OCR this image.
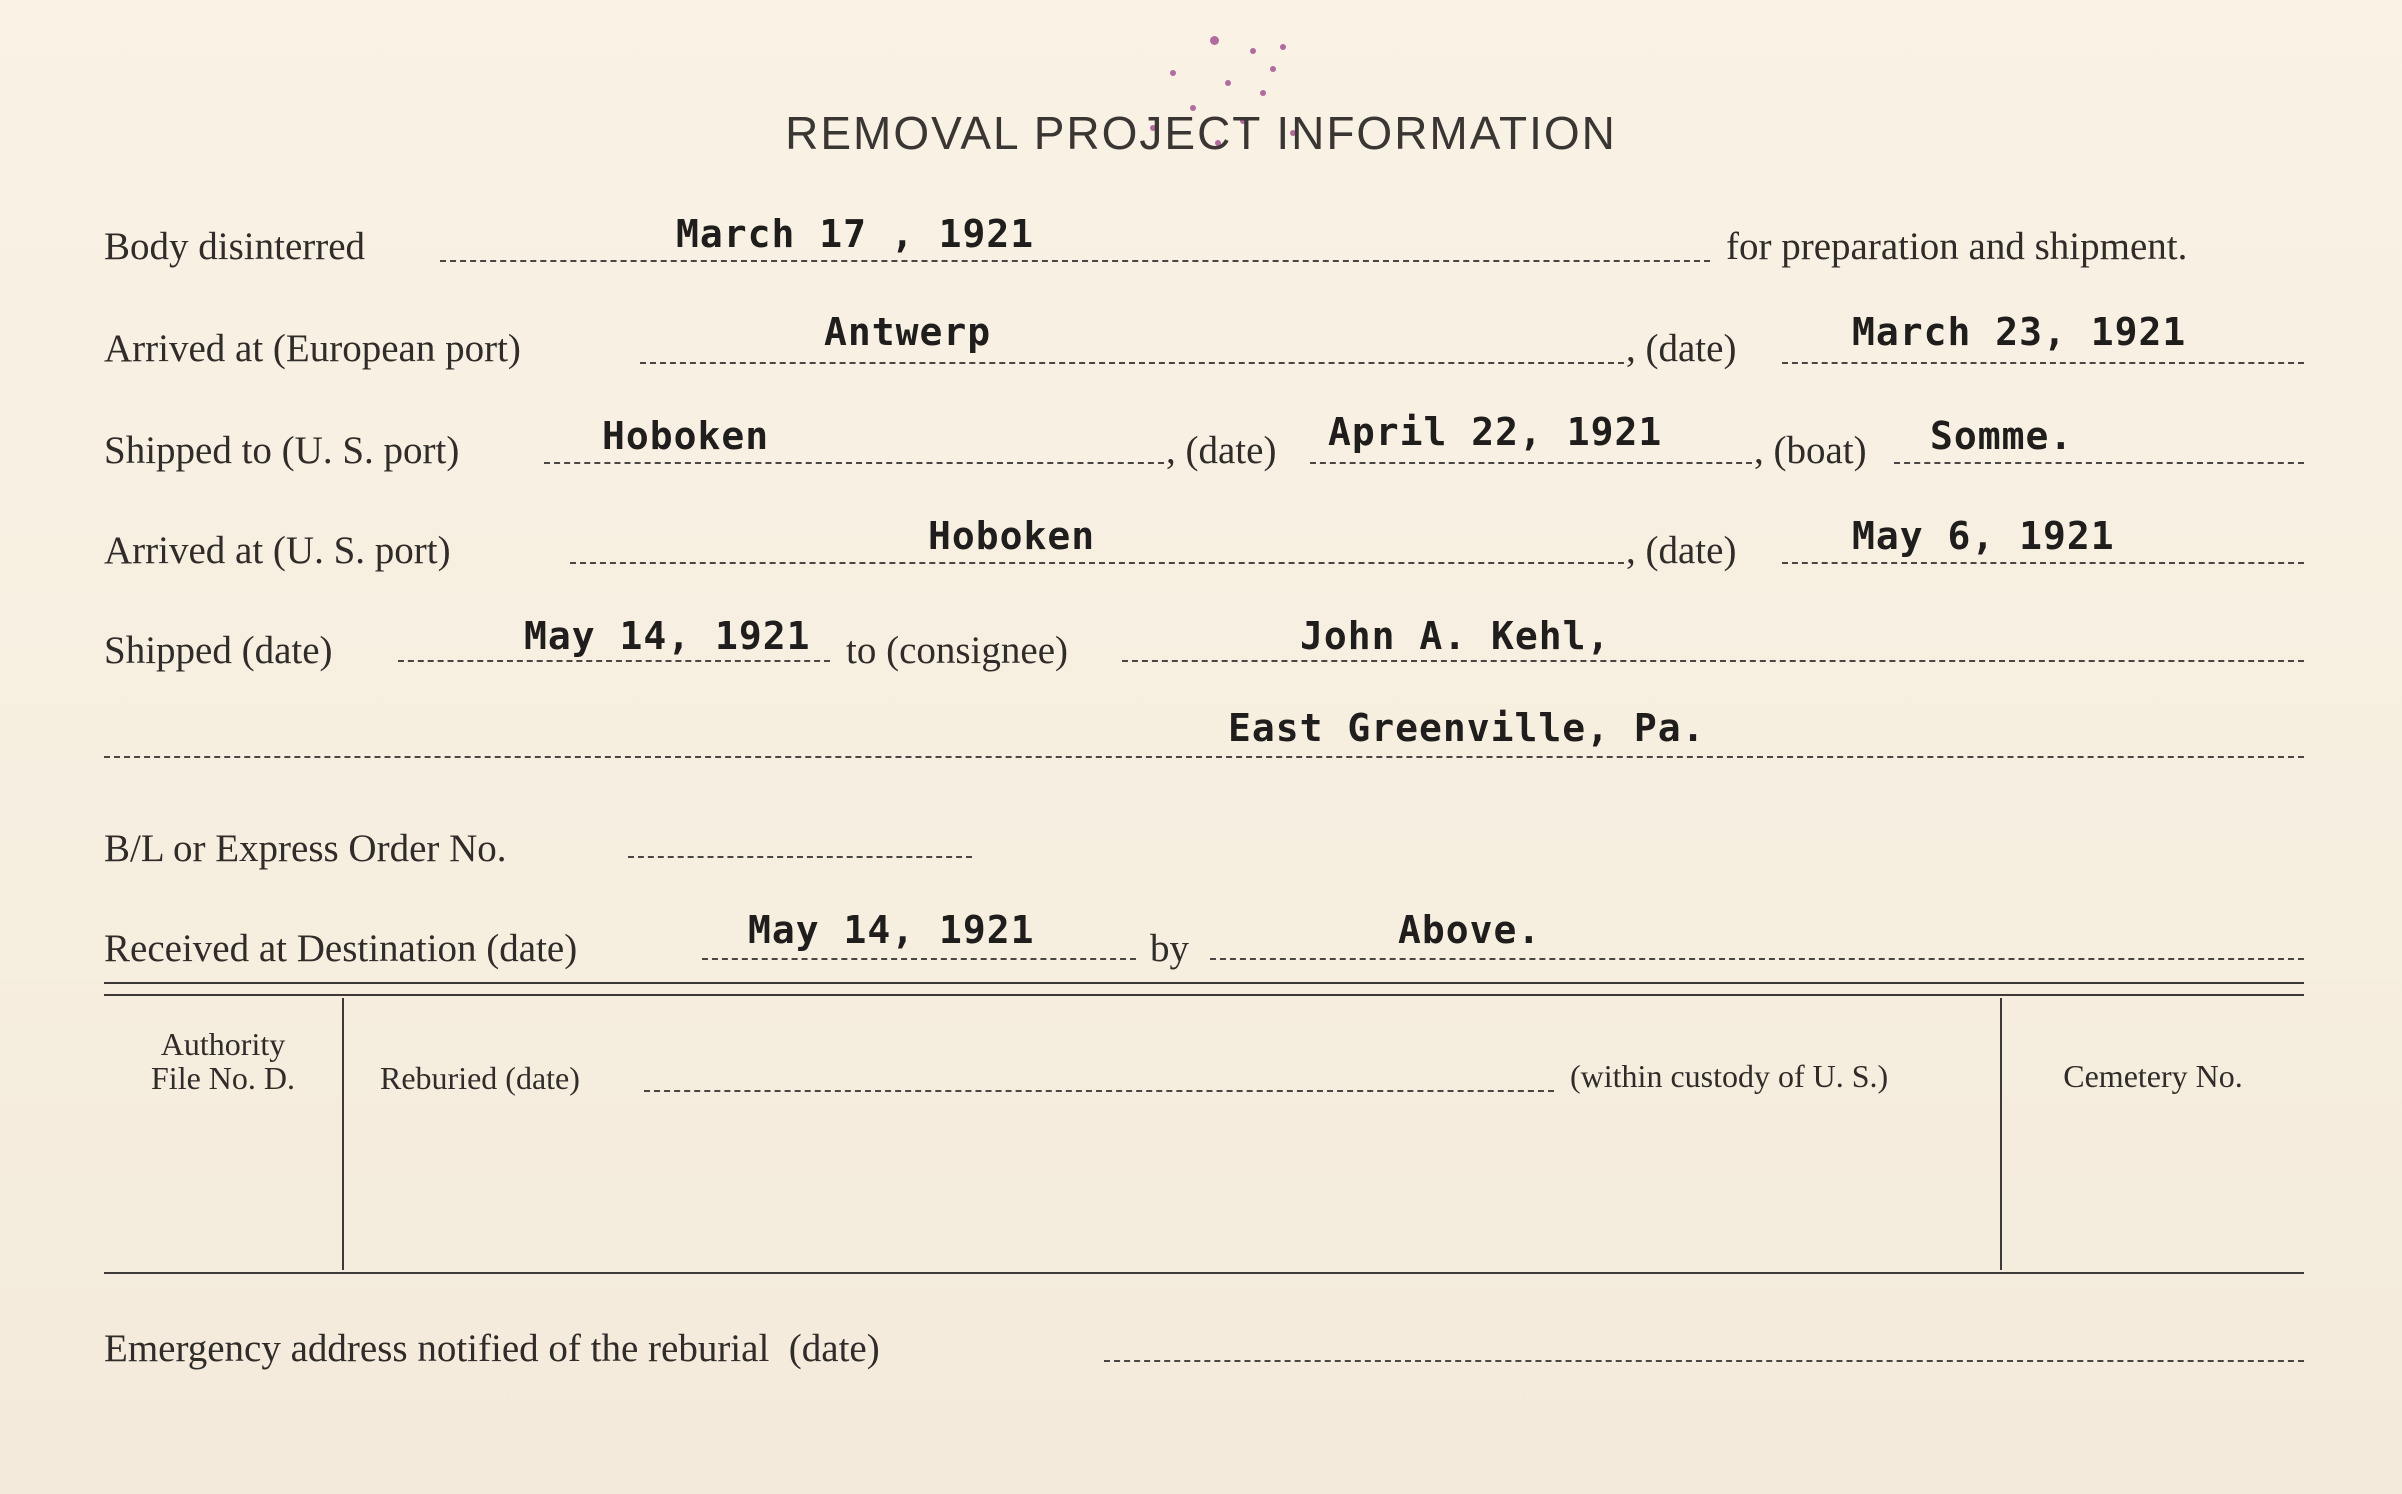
REMOVAL PROJECT INFORMATION
Body disinterred	March 17 , 1921	for preparation and shipment.
Arrived at (European port)	Antwerp	, (date)	March 23, 1921
Shipped to (U. S. port)	Hoboken	, (date) April 22, 1921 , (boat) Somme.
Arrived at (U. S. port)	Hoboken	, (date)	May 6, 1921
Shipped (date)	May 14, 1921 to (consignee)	John A. Kehl,
East Greenville, Pa.
B/L or Express Order No.
Received at Destination (date)	May 14, 1921	by	Above.
Authority
File No. D.	Reburied (date)	(within custody of U. S.)	Cemetery No.
Emergency address notified of the reburial  (date)
